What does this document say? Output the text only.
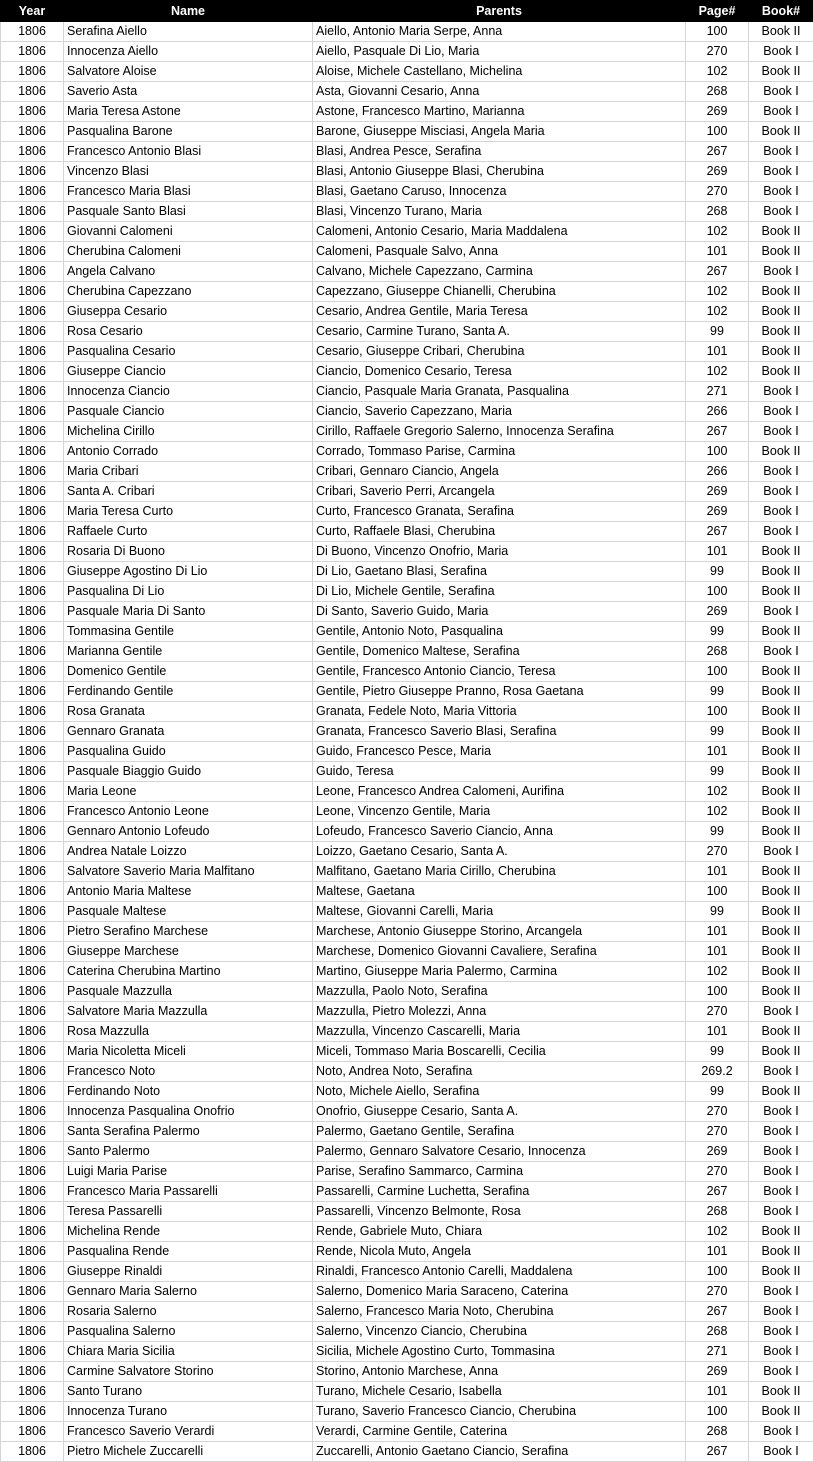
Year	Name	Parents	Page#	Book#
1806	Serafina Aiello	Aiello, Antonio Maria Serpe, Anna	100	Book II
1806	Innocenza Aiello	Aiello, Pasquale Di Lio, Maria	270	Book I
1806	Salvatore Aloise	Aloise, Michele Castellano, Michelina	102	Book II
1806	Saverio Asta	Asta, Giovanni Cesario, Anna	268	Book I
1806	Maria Teresa Astone	Astone, Francesco Martino, Marianna	269	Book I
1806	Pasqualina Barone	Barone, Giuseppe Misciasi, Angela Maria	100	Book II
1806	Francesco Antonio Blasi	Blasi, Andrea Pesce, Serafina	267	Book I
1806	Vincenzo Blasi	Blasi, Antonio Giuseppe Blasi, Cherubina	269	Book I
1806	Francesco Maria Blasi	Blasi, Gaetano Caruso, Innocenza	270	Book I
1806	Pasquale Santo Blasi	Blasi, Vincenzo Turano, Maria	268	Book I
1806	Giovanni Calomeni	Calomeni, Antonio Cesario, Maria Maddalena	102	Book II
1806	Cherubina Calomeni	Calomeni, Pasquale Salvo, Anna	101	Book II
1806	Angela Calvano	Calvano, Michele Capezzano, Carmina	267	Book I
1806	Cherubina Capezzano	Capezzano, Giuseppe Chianelli, Cherubina	102	Book II
1806	Giuseppa Cesario	Cesario, Andrea Gentile, Maria Teresa	102	Book II
1806	Rosa Cesario	Cesario, Carmine Turano, Santa A.	99	Book II
1806	Pasqualina Cesario	Cesario, Giuseppe Cribari, Cherubina	101	Book II
1806	Giuseppe Ciancio	Ciancio, Domenico Cesario, Teresa	102	Book II
1806	Innocenza Ciancio	Ciancio, Pasquale Maria Granata, Pasqualina	271	Book I
1806	Pasquale Ciancio	Ciancio, Saverio Capezzano, Maria	266	Book I
1806	Michelina Cirillo	Cirillo, Raffaele Gregorio Salerno, Innocenza Serafina	267	Book I
1806	Antonio Corrado	Corrado, Tommaso Parise, Carmina	100	Book II
1806	Maria Cribari	Cribari, Gennaro Ciancio, Angela	266	Book I
1806	Santa A. Cribari	Cribari, Saverio Perri, Arcangela	269	Book I
1806	Maria Teresa Curto	Curto, Francesco Granata, Serafina	269	Book I
1806	Raffaele Curto	Curto, Raffaele Blasi, Cherubina	267	Book I
1806	Rosaria Di Buono	Di Buono, Vincenzo Onofrio, Maria	101	Book II
1806	Giuseppe Agostino Di Lio	Di Lio, Gaetano Blasi, Serafina	99	Book II
1806	Pasqualina Di Lio	Di Lio, Michele Gentile, Serafina	100	Book II
1806	Pasquale Maria Di Santo	Di Santo, Saverio Guido, Maria	269	Book I
1806	Tommasina Gentile	Gentile, Antonio Noto, Pasqualina	99	Book II
1806	Marianna Gentile	Gentile, Domenico Maltese, Serafina	268	Book I
1806	Domenico Gentile	Gentile, Francesco Antonio Ciancio, Teresa	100	Book II
1806	Ferdinando Gentile	Gentile, Pietro Giuseppe Pranno, Rosa Gaetana	99	Book II
1806	Rosa Granata	Granata, Fedele Noto, Maria Vittoria	100	Book II
1806	Gennaro Granata	Granata, Francesco Saverio Blasi, Serafina	99	Book II
1806	Pasqualina Guido	Guido, Francesco Pesce, Maria	101	Book II
1806	Pasquale Biaggio Guido	Guido, Teresa	99	Book II
1806	Maria Leone	Leone, Francesco Andrea Calomeni, Aurifina	102	Book II
1806	Francesco Antonio Leone	Leone, Vincenzo Gentile, Maria	102	Book II
1806	Gennaro Antonio Lofeudo	Lofeudo, Francesco Saverio Ciancio, Anna	99	Book II
1806	Andrea Natale Loizzo	Loizzo, Gaetano Cesario, Santa A.	270	Book I
1806	Salvatore Saverio Maria Malfitano	Malfitano, Gaetano Maria Cirillo, Cherubina	101	Book II
1806	Antonio Maria Maltese	Maltese, Gaetana	100	Book II
1806	Pasquale Maltese	Maltese, Giovanni Carelli, Maria	99	Book II
1806	Pietro Serafino Marchese	Marchese, Antonio Giuseppe Storino, Arcangela	101	Book II
1806	Giuseppe Marchese	Marchese, Domenico Giovanni Cavaliere, Serafina	101	Book II
1806	Caterina Cherubina Martino	Martino, Giuseppe Maria Palermo, Carmina	102	Book II
1806	Pasquale Mazzulla	Mazzulla, Paolo Noto, Serafina	100	Book II
1806	Salvatore Maria Mazzulla	Mazzulla, Pietro Molezzi, Anna	270	Book I
1806	Rosa Mazzulla	Mazzulla, Vincenzo Cascarelli, Maria	101	Book II
1806	Maria Nicoletta Miceli	Miceli, Tommaso Maria Boscarelli, Cecilia	99	Book II
1806	Francesco Noto	Noto, Andrea Noto, Serafina	269.2	Book I
1806	Ferdinando Noto	Noto, Michele Aiello, Serafina	99	Book II
1806	Innocenza Pasqualina Onofrio	Onofrio, Giuseppe Cesario, Santa A.	270	Book I
1806	Santa Serafina Palermo	Palermo, Gaetano Gentile, Serafina	270	Book I
1806	Santo Palermo	Palermo, Gennaro Salvatore Cesario, Innocenza	269	Book I
1806	Luigi Maria Parise	Parise, Serafino Sammarco, Carmina	270	Book I
1806	Francesco Maria Passarelli	Passarelli, Carmine Luchetta, Serafina	267	Book I
1806	Teresa Passarelli	Passarelli, Vincenzo Belmonte, Rosa	268	Book I
1806	Michelina Rende	Rende, Gabriele Muto, Chiara	102	Book II
1806	Pasqualina Rende	Rende, Nicola Muto, Angela	101	Book II
1806	Giuseppe Rinaldi	Rinaldi, Francesco Antonio Carelli, Maddalena	100	Book II
1806	Gennaro Maria Salerno	Salerno, Domenico Maria Saraceno, Caterina	270	Book I
1806	Rosaria Salerno	Salerno, Francesco Maria Noto, Cherubina	267	Book I
1806	Pasqualina Salerno	Salerno, Vincenzo Ciancio, Cherubina	268	Book I
1806	Chiara Maria Sicilia	Sicilia, Michele Agostino Curto, Tommasina	271	Book I
1806	Carmine Salvatore Storino	Storino, Antonio Marchese, Anna	269	Book I
1806	Santo Turano	Turano, Michele Cesario, Isabella	101	Book II
1806	Innocenza Turano	Turano, Saverio Francesco Ciancio, Cherubina	100	Book II
1806	Francesco Saverio Verardi	Verardi, Carmine Gentile, Caterina	268	Book I
1806	Pietro Michele Zuccarelli	Zuccarelli, Antonio Gaetano Ciancio, Serafina	267	Book I
